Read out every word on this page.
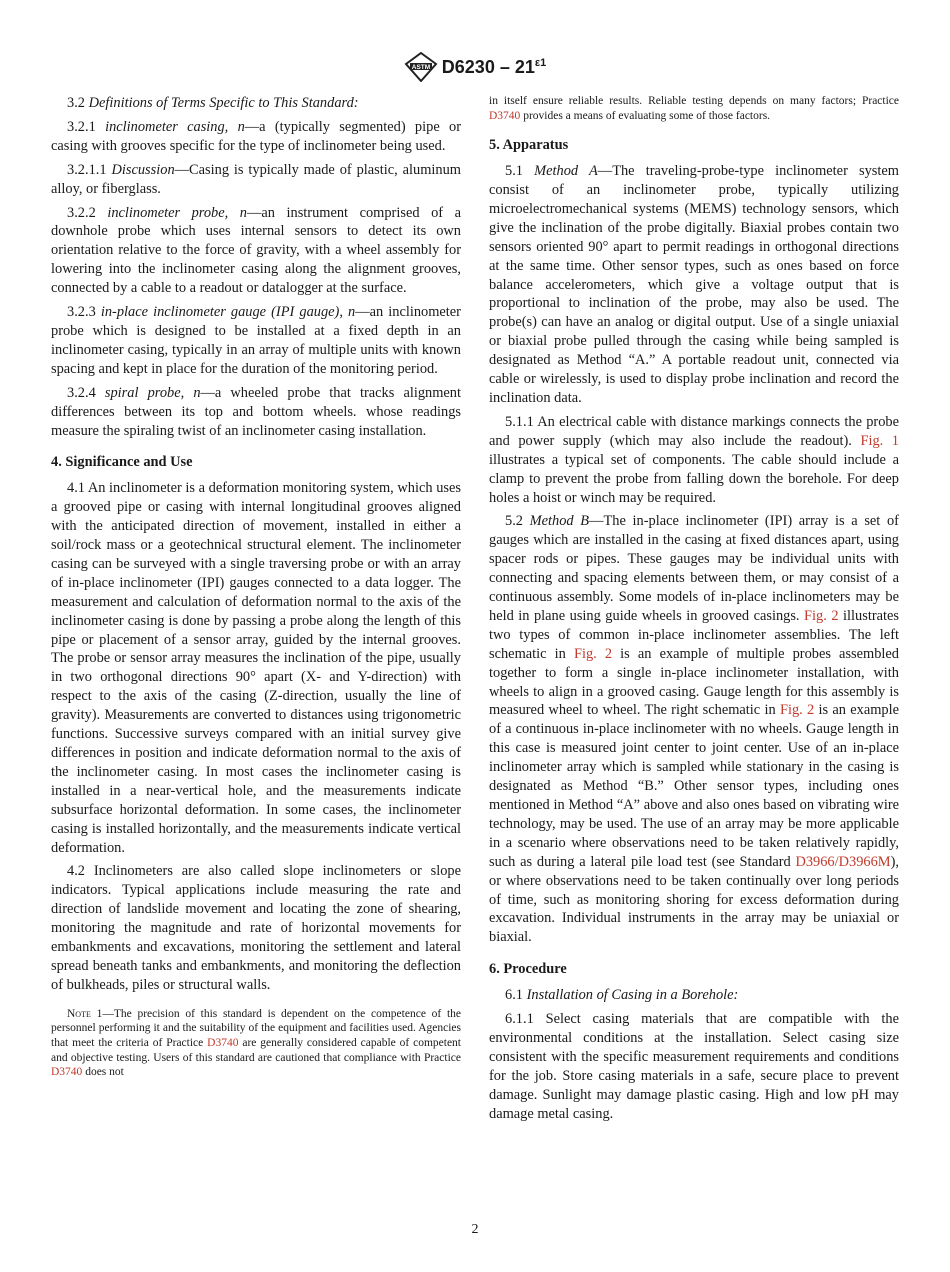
ASTM $D6230 - 21^{\varepsilon 1}$

3.2 Definitions of Terms Specific to This Standard:

3.2.1 inclinometer casing, n—a (typically segmented) pipe or casing with grooves specific for the type of inclinometer being used.

3.2.1.1 Discussion—Casing is typically made of plastic, aluminum alloy, or fiberglass.

3.2.2 inclinometer probe, n—an instrument comprised of a downhole probe which uses internal sensors to detect its own orientation relative to the force of gravity, with a wheel assembly for lowering into the inclinometer casing along the alignment grooves, connected by a cable to a readout or datalogger at the surface.

3.2.3 in-place inclinometer gauge (IPI gauge), n—an inclinometer probe which is designed to be installed at a fixed depth in an inclinometer casing, typically in an array of multiple units with known spacing and kept in place for the duration of the monitoring period.

3.2.4 spiral probe, n—a wheeled probe that tracks alignment differences between its top and bottom wheels. whose readings measure the spiraling twist of an inclinometer casing installation.

4. Significance and Use

4.1 An inclinometer is a deformation monitoring system, which uses a grooved pipe or casing with internal longitudinal grooves aligned with the anticipated direction of movement, installed in either a soil/rock mass or a geotechnical structural element. The inclinometer casing can be surveyed with a single traversing probe or with an array of in-place inclinometer (IPI) gauges connected to a data logger. The measurement and calculation of deformation normal to the axis of the inclinometer casing is done by passing a probe along the length of this pipe or placement of a sensor array, guided by the internal grooves. The probe or sensor array measures the inclination of the pipe, usually in two orthogonal directions 90° apart (X- and Y-direction) with respect to the axis of the casing (Z-direction, usually the line of gravity). Measurements are converted to distances using trigonometric functions. Successive surveys compared with an initial survey give differences in position and indicate deformation normal to the axis of the inclinometer casing. In most cases the inclinometer casing is installed in a near-vertical hole, and the measurements indicate subsurface horizontal deformation. In some cases, the inclinometer casing is installed horizontally, and the measurements indicate vertical deformation.

4.2 Inclinometers are also called slope inclinometers or slope indicators. Typical applications include measuring the rate and direction of landslide movement and locating the zone of shearing, monitoring the magnitude and rate of horizontal movements for embankments and excavations, monitoring the settlement and lateral spread beneath tanks and embankments, and monitoring the deflection of bulkheads, piles or structural walls.

Note 1—The precision of this standard is dependent on the competence of the personnel performing it and the suitability of the equipment and facilities used. Agencies that meet the criteria of Practice D3740 are generally considered capable of competent and objective testing. Users of this standard are cautioned that compliance with Practice D3740 does not

in itself ensure reliable results. Reliable testing depends on many factors; Practice D3740 provides a means of evaluating some of those factors.

5. Apparatus

5.1 Method A—The traveling-probe-type inclinometer system consist of an inclinometer probe, typically utilizing microelectromechanical systems (MEMS) technology sensors, which give the inclination of the probe digitally. Biaxial probes contain two sensors oriented 90° apart to permit readings in orthogonal directions at the same time. Other sensor types, such as ones based on force balance accelerometers, which give a voltage output that is proportional to inclination of the probe, may also be used. The probe(s) can have an analog or digital output. Use of a single uniaxial or biaxial probe pulled through the casing while being sampled is designated as Method “A.” A portable readout unit, connected via cable or wirelessly, is used to display probe inclination and record the inclination data.

5.1.1 An electrical cable with distance markings connects the probe and power supply (which may also include the readout). Fig. 1 illustrates a typical set of components. The cable should include a clamp to prevent the probe from falling down the borehole. For deep holes a hoist or winch may be required.

5.2 Method B—The in-place inclinometer (IPI) array is a set of gauges which are installed in the casing at fixed distances apart, using spacer rods or pipes. These gauges may be individual units with connecting and spacing elements between them, or may consist of a continuous assembly. Some models of in-place inclinometers may be held in plane using guide wheels in grooved casings. Fig. 2 illustrates two types of common in-place inclinometer assemblies. The left schematic in Fig. 2 is an example of multiple probes assembled together to form a single in-place inclinometer installation, with wheels to align in a grooved casing. Gauge length for this assembly is measured wheel to wheel. The right schematic in Fig. 2 is an example of a continuous in-place inclinometer with no wheels. Gauge length in this case is measured joint center to joint center. Use of an in-place inclinometer array which is sampled while stationary in the casing is designated as Method “B.” Other sensor types, including ones mentioned in Method “A” above and also ones based on vibrating wire technology, may be used. The use of an array may be more applicable in a scenario where observations need to be taken relatively rapidly, such as during a lateral pile load test (see Standard D3966/D3966M), or where observations need to be taken continually over long periods of time, such as monitoring shoring for excess deformation during excavation. Individual instruments in the array may be uniaxial or biaxial.

6. Procedure

6.1 Installation of Casing in a Borehole:

6.1.1 Select casing materials that are compatible with the environmental conditions at the installation. Select casing size consistent with the specific measurement requirements and conditions for the job. Store casing materials in a safe, secure place to prevent damage. Sunlight may damage plastic casing. High and low pH may damage metal casing.

2
